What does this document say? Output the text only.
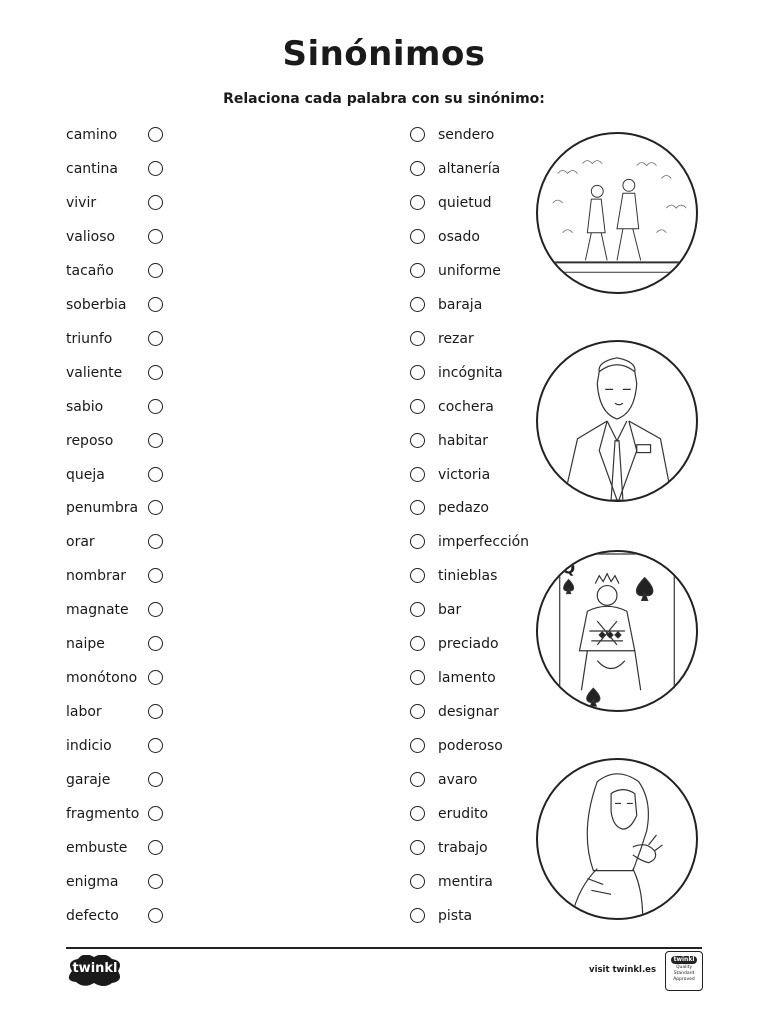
Sinónimos
Relaciona cada palabra con su sinónimo:
camino
cantina
vivir
valioso
tacaño
soberbia
triunfo
valiente
sabio
reposo
queja
penumbra
orar
nombrar
magnate
naipe
monótono
labor
indicio
garaje
fragmento
embuste
enigma
defecto
sendero
altanería
quietud
osado
uniforme
baraja
rezar
incógnita
cochera
habitar
victoria
pedazo
imperfección
tinieblas
bar
preciado
lamento
designar
poderoso
avaro
erudito
trabajo
mentira
pista
Q
twinkl	visit twinkl.es
twinkl
Quality Standard
Approved
